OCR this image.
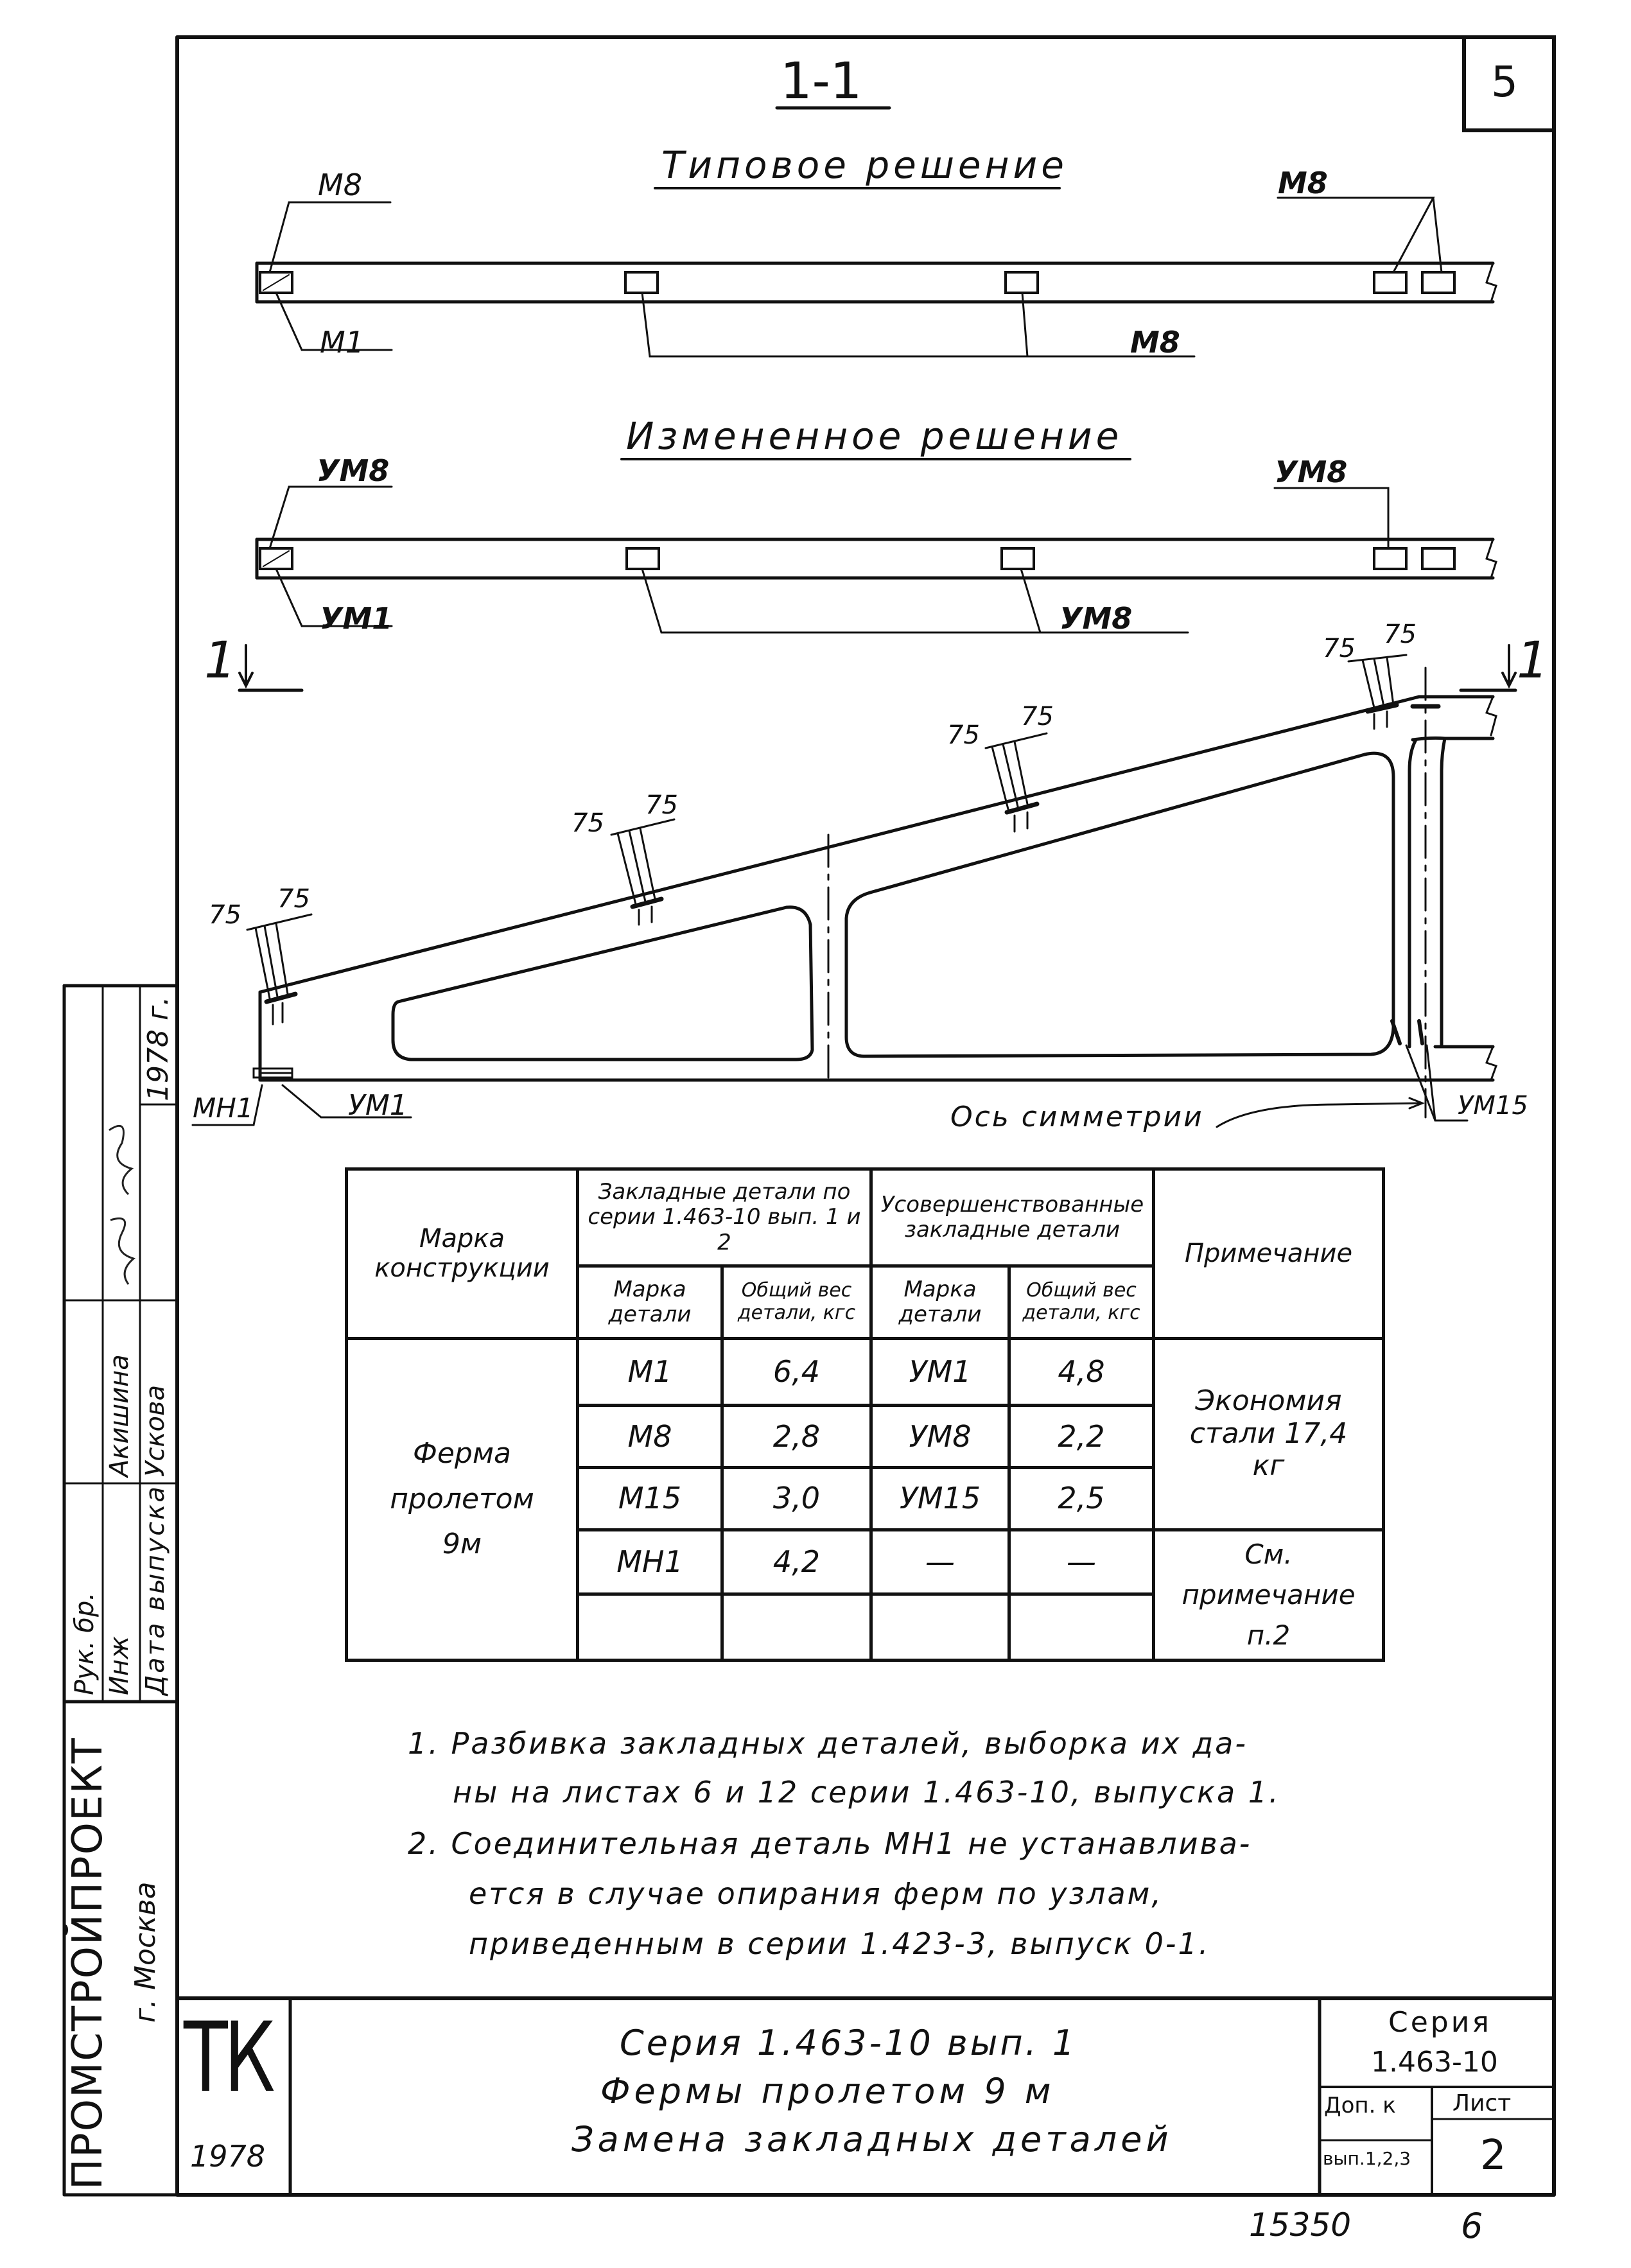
5
1-1
Типовое решение
Измененное решение
М8
М1	М8
М8
УМ8
УМ1	УМ8
УМ8
1	1
75
75
75
75
75
75
75 75
МН1	УМ1	Ось симметрии	УМ15
Марка конструкции	Закладные детали по серии 1.463-10 вып. 1 и 2		Усовершенствованные закладные детали		Примечание
	Марка детали	Общий вес детали, кгс	Марка детали	Общий вес детали, кгс	
Ферма пролетом 9м	М1	6,4	УМ1	4,8	Экономия стали 17,4 кг
	М8	2,8	УМ8	2,2	
	М15	3,0	УМ15	2,5	
	МН1	4,2	—	—	См. примечание п.2

1. Разбивка закладных деталей, выборка их да-
ны на листах 6 и 12 серии 1.463-10, выпуска 1.
2. Соединительная деталь МН1 не устанавлива-
ется в случае опирания ферм по узлам,
приведенным в серии 1.423-3, выпуск 0-1.
ТК
1978
Серия 1.463-10 вып. 1
Фермы пролетом 9 м
Замена закладных деталей
Серия
1.463-10
Доп. к
вып.1,2,3
Лист
2
15350	6
ПРОМСТРОЙПРОЕКТ г. Москва
Рук. бр. Инж Дата выпуска
Акишина Ускова
1978 г.
